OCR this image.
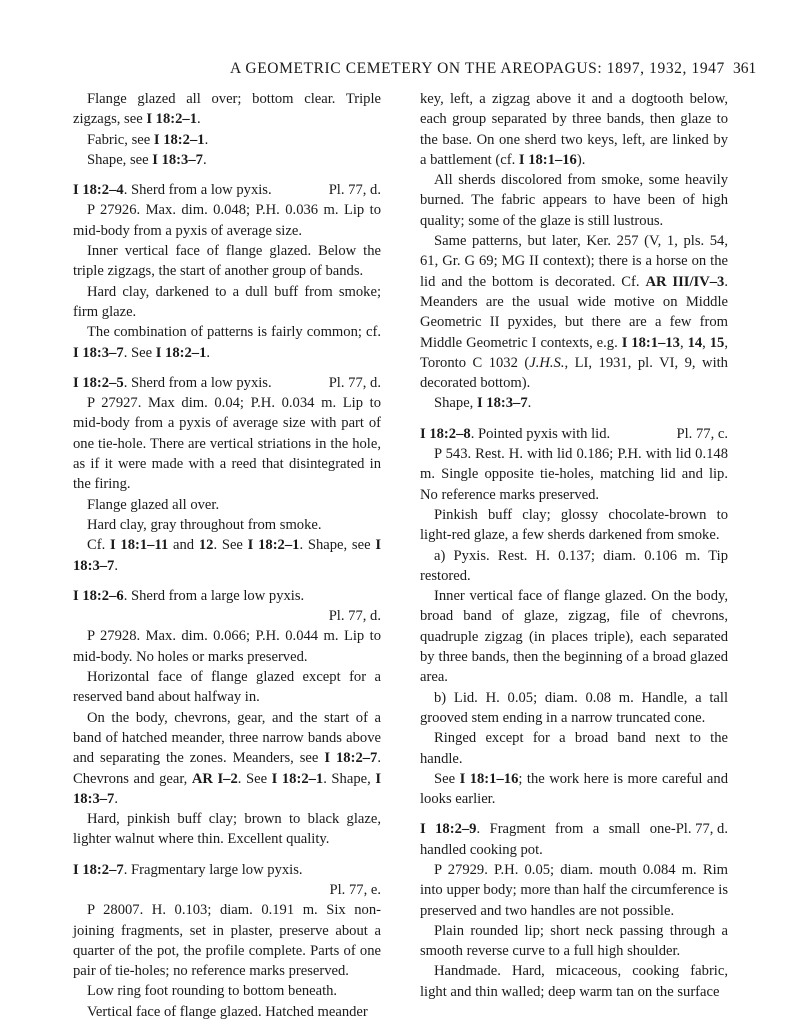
A GEOMETRIC CEMETERY ON THE AREOPAGUS: 1897, 1932, 1947 361

Flange glazed all over; bottom clear. Triple zigzags, see I 18:2–1.

Fabric, see I 18:2–1.

Shape, see I 18:3–7.

Pl. 77, d.
I 18:2–4. Sherd from a low pyxis.

P 27926. Max. dim. 0.048; P.H. 0.036 m. Lip to mid-body from a pyxis of average size.

Inner vertical face of flange glazed. Below the triple zigzags, the start of another group of bands.

Hard clay, darkened to a dull buff from smoke; firm glaze.

The combination of patterns is fairly common; cf. I 18:3–7. See I 18:2–1.

Pl. 77, d.
I 18:2–5. Sherd from a low pyxis.

P 27927. Max dim. 0.04; P.H. 0.034 m. Lip to mid-body from a pyxis of average size with part of one tie-hole. There are vertical striations in the hole, as if it were made with a reed that disintegrated in the firing.

Flange glazed all over.

Hard clay, gray throughout from smoke.

Cf. I 18:1–11 and 12. See I 18:2–1. Shape, see I 18:3–7.

I 18:2–6. Sherd from a large low pyxis.

Pl. 77, d.

P 27928. Max. dim. 0.066; P.H. 0.044 m. Lip to mid-body. No holes or marks preserved.

Horizontal face of flange glazed except for a reserved band about halfway in.

On the body, chevrons, gear, and the start of a band of hatched meander, three narrow bands above and separating the zones. Meanders, see I 18:2–7. Chevrons and gear, AR I–2. See I 18:2–1. Shape, I 18:3–7.

Hard, pinkish buff clay; brown to black glaze, lighter walnut where thin. Excellent quality.

I 18:2–7. Fragmentary large low pyxis.

Pl. 77, e.

P 28007. H. 0.103; diam. 0.191 m. Six non-joining fragments, set in plaster, preserve about a quarter of the pot, the profile complete. Parts of one pair of tie-holes; no reference marks preserved.

Low ring foot rounding to bottom beneath.

Vertical face of flange glazed. Hatched meander

key, left, a zigzag above it and a dogtooth below, each group separated by three bands, then glaze to the base. On one sherd two keys, left, are linked by a battlement (cf. I 18:1–16).

All sherds discolored from smoke, some heavily burned. The fabric appears to have been of high quality; some of the glaze is still lustrous.

Same patterns, but later, Ker. 257 (V, 1, pls. 54, 61, Gr. G 69; MG II context); there is a horse on the lid and the bottom is decorated. Cf. AR III/IV–3. Meanders are the usual wide motive on Middle Geometric II pyxides, but there are a few from Middle Geometric I contexts, e.g. I 18:1–13, 14, 15, Toronto C 1032 (J.H.S., LI, 1931, pl. VI, 9, with decorated bottom).

Shape, I 18:3–7.

Pl. 77, c.
I 18:2–8. Pointed pyxis with lid.

P 543. Rest. H. with lid 0.186; P.H. with lid 0.148 m. Single opposite tie-holes, matching lid and lip. No reference marks preserved.

Pinkish buff clay; glossy chocolate-brown to light-red glaze, a few sherds darkened from smoke.

a) Pyxis. Rest. H. 0.137; diam. 0.106 m. Tip restored.

Inner vertical face of flange glazed. On the body, broad band of glaze, zigzag, file of chevrons, quadruple zigzag (in places triple), each separated by three bands, then the beginning of a broad glazed area.

b) Lid. H. 0.05; diam. 0.08 m. Handle, a tall grooved stem ending in a narrow truncated cone.

Ringed except for a broad band next to the handle.

See I 18:1–16; the work here is more careful and looks earlier.

Pl. 77, d.
I 18:2–9. Fragment from a small one-handled cooking pot.

P 27929. P.H. 0.05; diam. mouth 0.084 m. Rim into upper body; more than half the circumference is preserved and two handles are not possible.

Plain rounded lip; short neck passing through a smooth reverse curve to a full high shoulder.

Handmade. Hard, micaceous, cooking fabric, light and thin walled; deep warm tan on the surface
